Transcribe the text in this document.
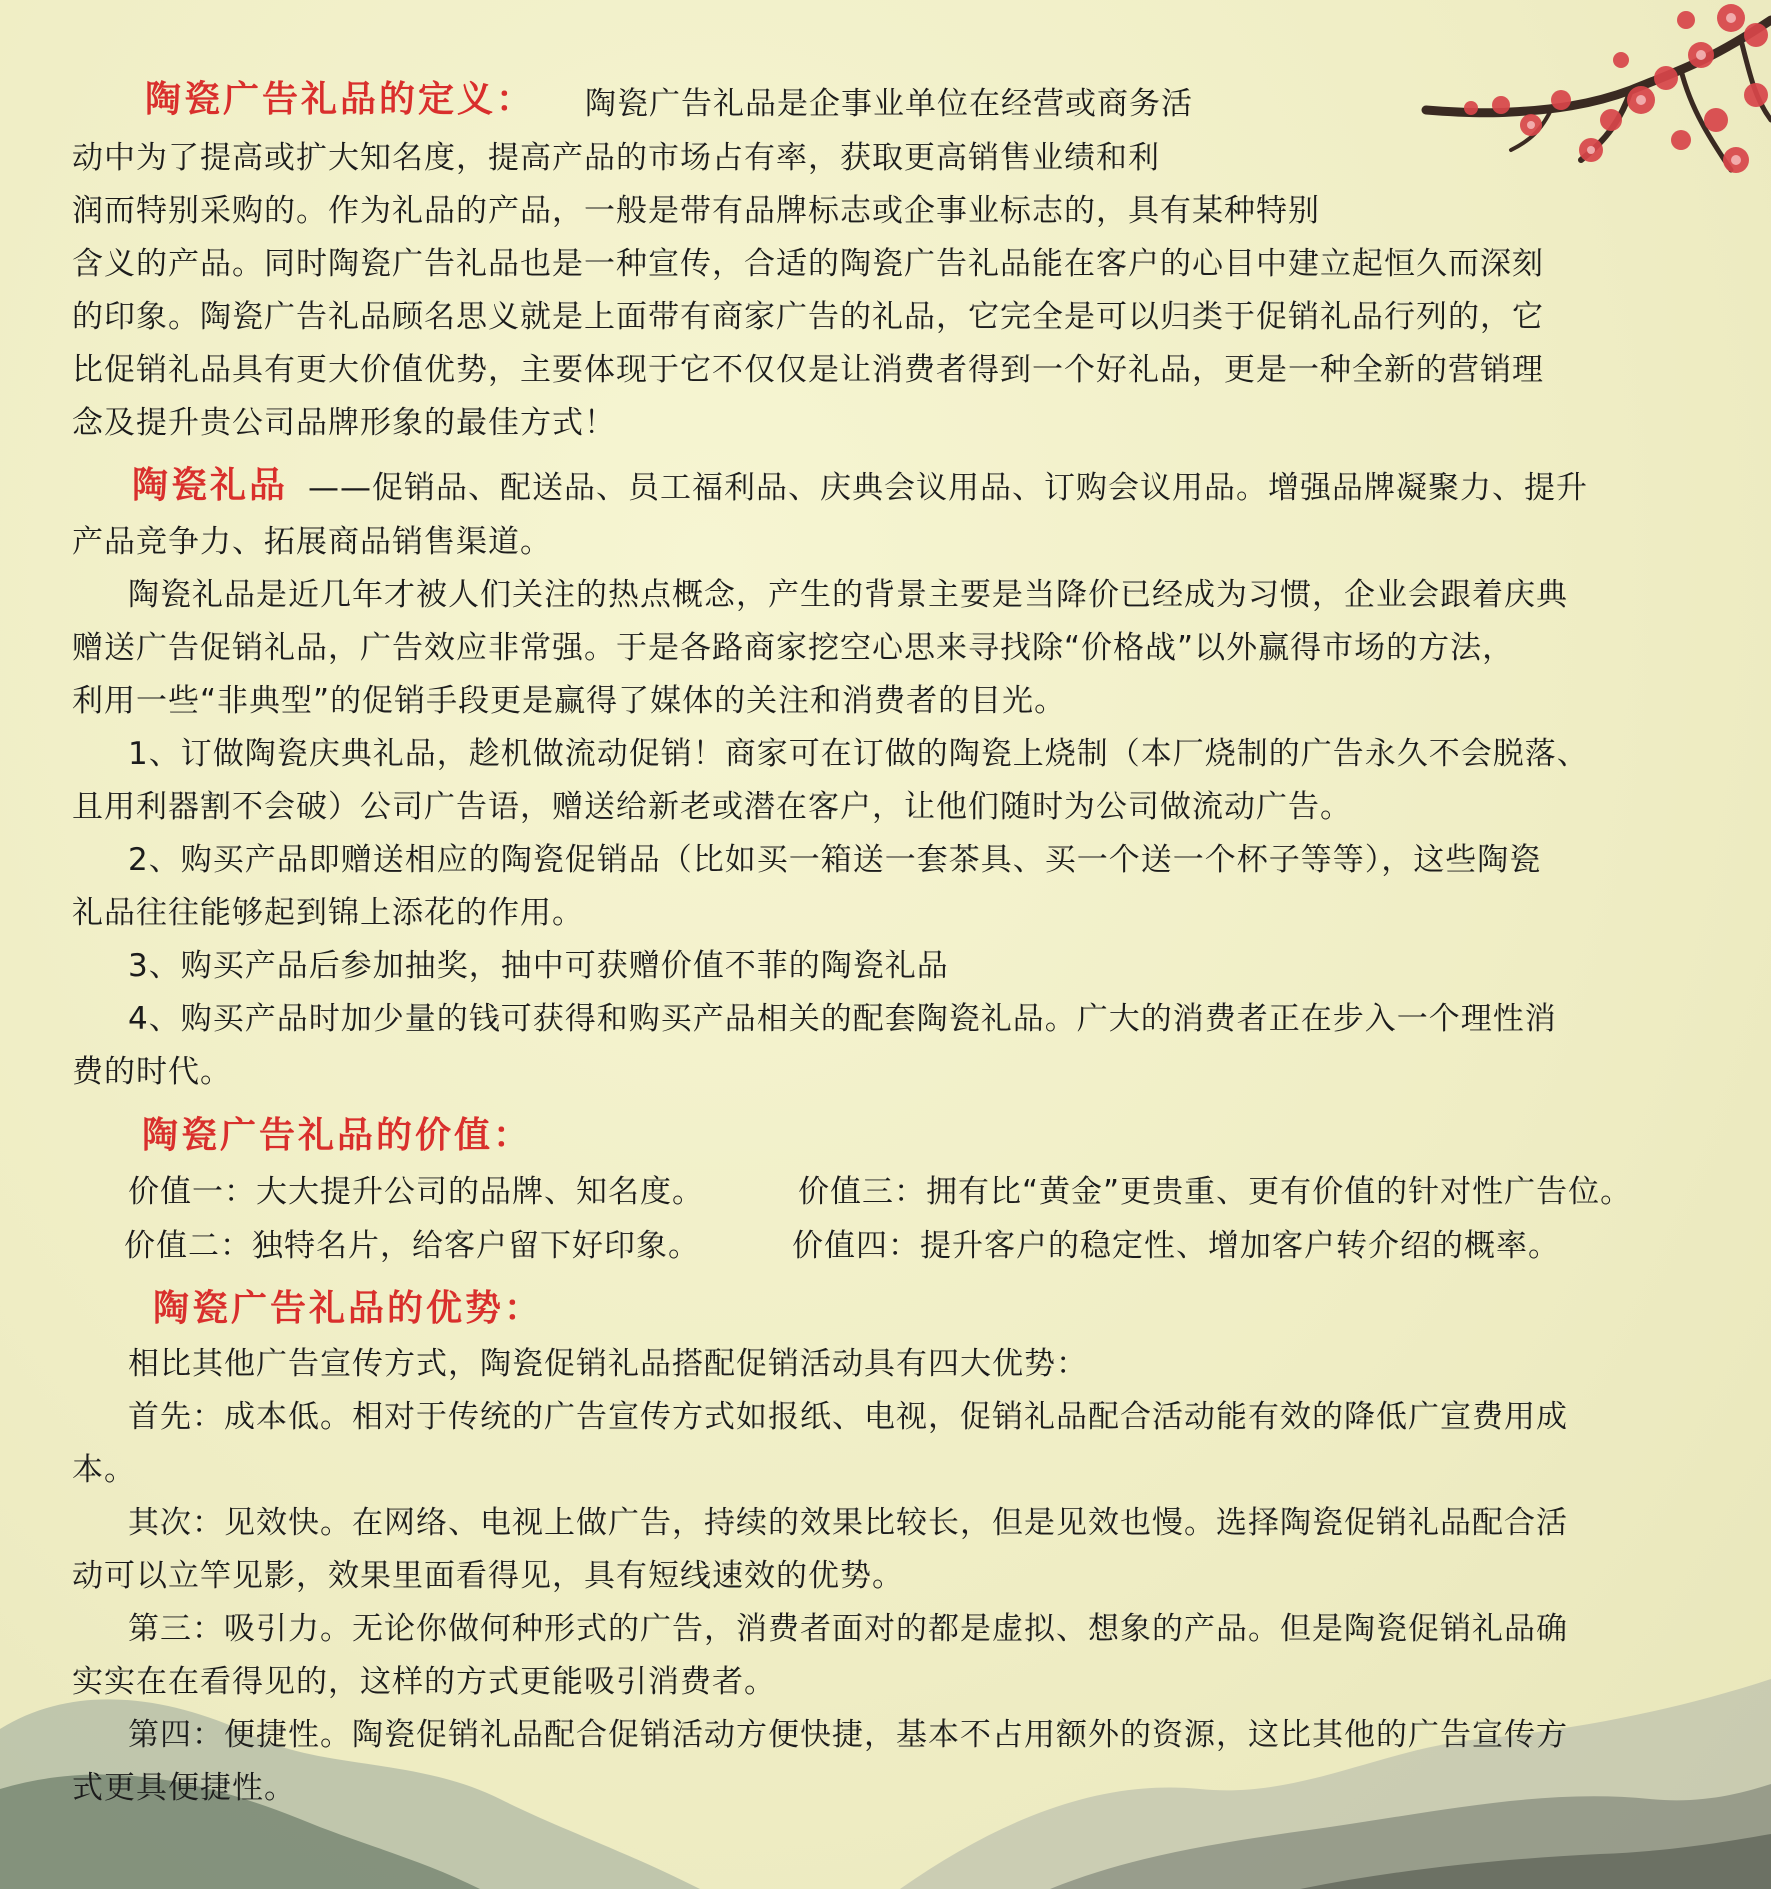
陶瓷广告礼品的定义： 陶瓷广告礼品是企事业单位在经营或商务活
动中为了提高或扩大知名度，提高产品的市场占有率，获取更高销售业绩和利
润而特别采购的。作为礼品的产品，一般是带有品牌标志或企事业标志的，具有某种特别
含义的产品。同时陶瓷广告礼品也是一种宣传，合适的陶瓷广告礼品能在客户的心目中建立起恒久而深刻
的印象。陶瓷广告礼品顾名思义就是上面带有商家广告的礼品，它完全是可以归类于促销礼品行列的，它
比促销礼品具有更大价值优势，主要体现于它不仅仅是让消费者得到一个好礼品，更是一种全新的营销理
念及提升贵公司品牌形象的最佳方式！
陶瓷礼品 ——促销品、配送品、员工福利品、庆典会议用品、订购会议用品。增强品牌凝聚力、提升
产品竞争力、拓展商品销售渠道。
陶瓷礼品是近几年才被人们关注的热点概念，产生的背景主要是当降价已经成为习惯，企业会跟着庆典
赠送广告促销礼品，广告效应非常强。于是各路商家挖空心思来寻找除“价格战”以外赢得市场的方法，
利用一些“非典型”的促销手段更是赢得了媒体的关注和消费者的目光。
1、订做陶瓷庆典礼品，趁机做流动促销！商家可在订做的陶瓷上烧制（本厂烧制的广告永久不会脱落、
且用利器割不会破）公司广告语，赠送给新老或潜在客户，让他们随时为公司做流动广告。
2、购买产品即赠送相应的陶瓷促销品（比如买一箱送一套茶具、买一个送一个杯子等等），这些陶瓷
礼品往往能够起到锦上添花的作用。
3、购买产品后参加抽奖，抽中可获赠价值不菲的陶瓷礼品
4、购买产品时加少量的钱可获得和购买产品相关的配套陶瓷礼品。广大的消费者正在步入一个理性消
费的时代。
陶瓷广告礼品的价值：
价值一：大大提升公司的品牌、知名度。	价值三：拥有比“黄金”更贵重、更有价值的针对性广告位。
价值二：独特名片，给客户留下好印象。	价值四：提升客户的稳定性、增加客户转介绍的概率。
陶瓷广告礼品的优势：
相比其他广告宣传方式，陶瓷促销礼品搭配促销活动具有四大优势：
首先：成本低。相对于传统的广告宣传方式如报纸、电视，促销礼品配合活动能有效的降低广宣费用成
本。
其次：见效快。在网络、电视上做广告，持续的效果比较长，但是见效也慢。选择陶瓷促销礼品配合活
动可以立竿见影，效果里面看得见，具有短线速效的优势。
第三：吸引力。无论你做何种形式的广告，消费者面对的都是虚拟、想象的产品。但是陶瓷促销礼品确
实实在在看得见的，这样的方式更能吸引消费者。
第四：便捷性。陶瓷促销礼品配合促销活动方便快捷，基本不占用额外的资源，这比其他的广告宣传方
式更具便捷性。
